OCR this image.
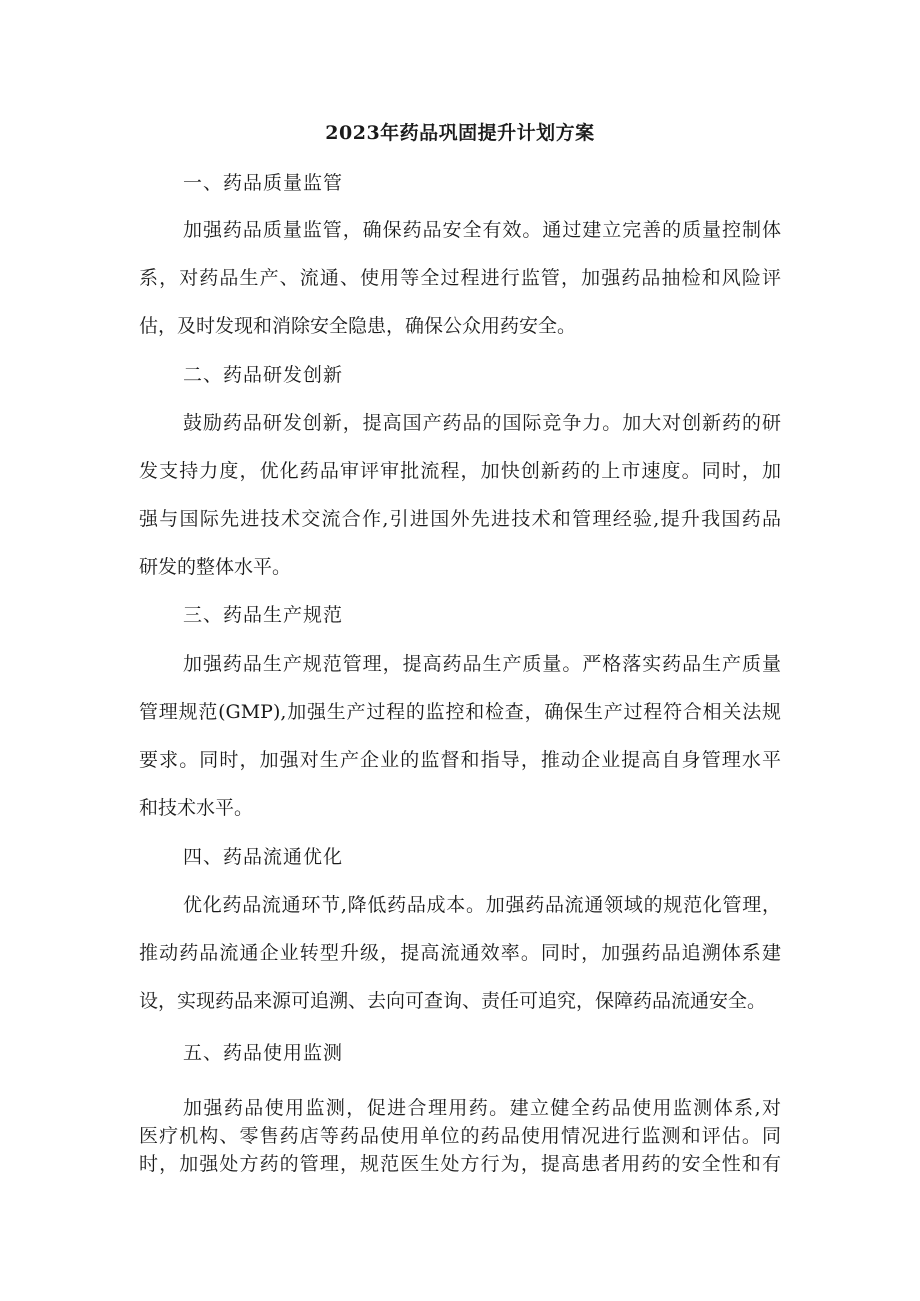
2023年药品巩固提升计划方案

一、药品质量监管

加强药品质量监管，确保药品安全有效。通过建立完善的质量控制体

系，对药品生产、流通、使用等全过程进行监管，加强药品抽检和风险评

估，及时发现和消除安全隐患，确保公众用药安全。

二、药品研发创新

鼓励药品研发创新，提高国产药品的国际竞争力。加大对创新药的研

发支持力度，优化药品审评审批流程，加快创新药的上市速度。同时，加

强与国际先进技术交流合作,引进国外先进技术和管理经验,提升我国药品

研发的整体水平。

三、药品生产规范

加强药品生产规范管理，提高药品生产质量。严格落实药品生产质量

管理规范(GMP),加强生产过程的监控和检查，确保生产过程符合相关法规

要求。同时，加强对生产企业的监督和指导，推动企业提高自身管理水平

和技术水平。

四、药品流通优化

优化药品流通环节,降低药品成本。加强药品流通领域的规范化管理，

推动药品流通企业转型升级，提高流通效率。同时，加强药品追溯体系建

设，实现药品来源可追溯、去向可查询、责任可追究，保障药品流通安全。

五、药品使用监测

加强药品使用监测，促进合理用药。建立健全药品使用监测体系,对

医疗机构、零售药店等药品使用单位的药品使用情况进行监测和评估。同

时，加强处方药的管理，规范医生处方行为，提高患者用药的安全性和有
